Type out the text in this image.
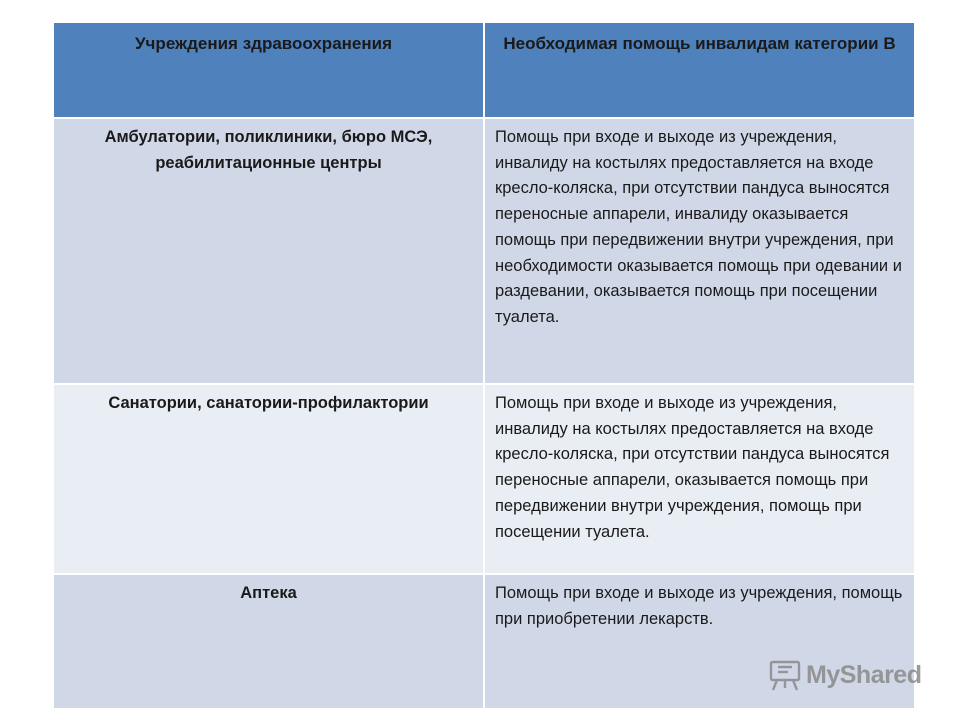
Учреждения здравоохранения	Необходимая помощь инвалидам категории В
Амбулатории, поликлиники, бюро МСЭ, реабилитационные центры	Помощь при входе и выходе из учреждения, инвалиду на костылях предоставляется на входе кресло-коляска, при отсутствии пандуса выносятся переносные аппарели, инвалиду оказывается помощь при передвижении внутри учреждения, при необходимости оказывается помощь при одевании и раздевании, оказывается помощь при посещении туалета.
Санатории, санатории-профилактории	Помощь при входе и выходе из учреждения, инвалиду на костылях предоставляется на входе кресло-коляска, при отсутствии пандуса выносятся переносные аппарели, оказывается помощь при передвижении внутри учреждения, помощь при посещении туалета.
Аптека	Помощь при входе и выходе из учреждения, помощь при приобретении лекарств.
MyShared
